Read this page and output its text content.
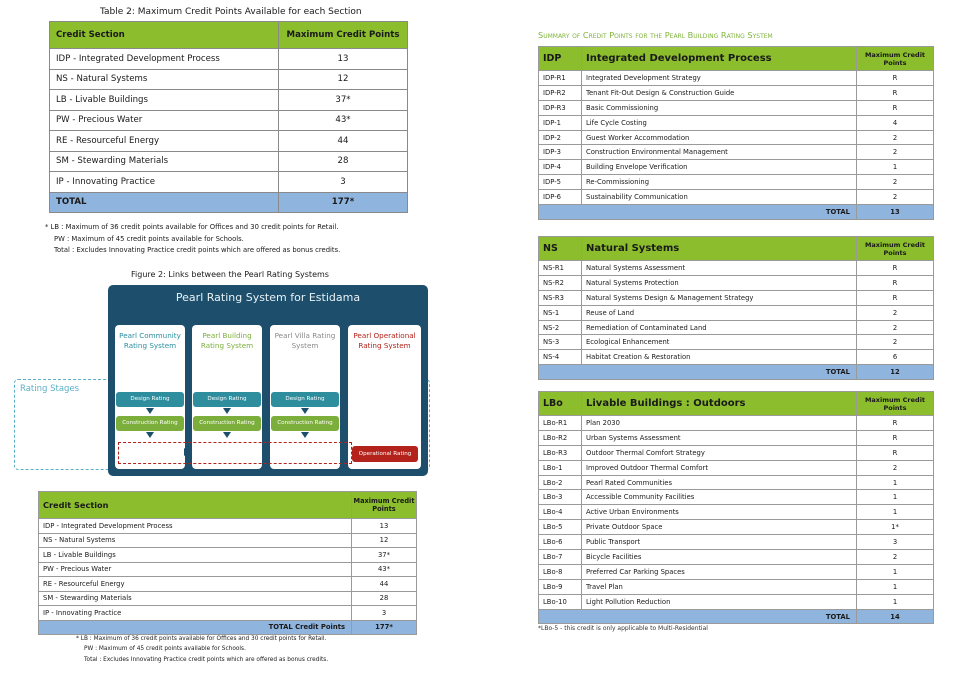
Table 2: Maximum Credit Points Available for each Section
Credit Section	Maximum Credit Points
IDP - Integrated Development Process	13
NS - Natural Systems	12
LB - Livable Buildings	37*
PW - Precious Water	43*
RE - Resourceful Energy	44
SM - Stewarding Materials	28
IP - Innovating Practice	3
TOTAL	177*
* LB : Maximum of 36 credit points available for Offices and 30 credit points for Retail.
PW : Maximum of 45 credit points available for Schools.
Total : Excludes Innovating Practice credit points which are offered as bonus credits.
Figure 2: Links between the Pearl Rating Systems
Rating Stages
Pearl Rating System for Estidama
Pearl Community Rating System
Pearl Building Rating System
Pearl Villa Rating System
Pearl Operational Rating System
Design Rating	Design Rating	Design Rating
Construction Rating	Construction Rating	Construction Rating
Operational Rating
Credit Section	Maximum Credit Points
IDP - Integrated Development Process	13
NS - Natural Systems	12
LB - Livable Buildings	37*
PW - Precious Water	43*
RE - Resourceful Energy	44
SM - Stewarding Materials	28
IP - Innovating Practice	3
TOTAL Credit Points	177*
* LB : Maximum of 36 credit points available for Offices and 30 credit points for Retail.
PW : Maximum of 45 credit points available for Schools.
Total : Excludes Innovating Practice credit points which are offered as bonus credits.
Summary of Credit Points for the Pearl Building Rating System
IDP	Integrated Development Process	Maximum Credit Points
IDP-R1	Integrated Development Strategy	R
IDP-R2	Tenant Fit-Out Design & Construction Guide	R
IDP-R3	Basic Commissioning	R
IDP-1	Life Cycle Costing	4
IDP-2	Guest Worker Accommodation	2
IDP-3	Construction Environmental Management	2
IDP-4	Building Envelope Verification	1
IDP-5	Re-Commissioning	2
IDP-6	Sustainability Communication	2
	TOTAL	13
NS	Natural Systems	Maximum Credit Points
NS-R1	Natural Systems Assessment	R
NS-R2	Natural Systems Protection	R
NS-R3	Natural Systems Design & Management Strategy	R
NS-1	Reuse of Land	2
NS-2	Remediation of Contaminated Land	2
NS-3	Ecological Enhancement	2
NS-4	Habitat Creation & Restoration	6
	TOTAL	12
LBo	Livable Buildings : Outdoors	Maximum Credit Points
LBo-R1	Plan 2030	R
LBo-R2	Urban Systems Assessment	R
LBo-R3	Outdoor Thermal Comfort Strategy	R
LBo-1	Improved Outdoor Thermal Comfort	2
LBo-2	Pearl Rated Communities	1
LBo-3	Accessible Community Facilities	1
LBo-4	Active Urban Environments	1
LBo-5	Private Outdoor Space	1*
LBo-6	Public Transport	3
LBo-7	Bicycle Facilities	2
LBo-8	Preferred Car Parking Spaces	1
LBo-9	Travel Plan	1
LBo-10	Light Pollution Reduction	1
	TOTAL	14
*LBo-5 - this credit is only applicable to Multi-Residential
